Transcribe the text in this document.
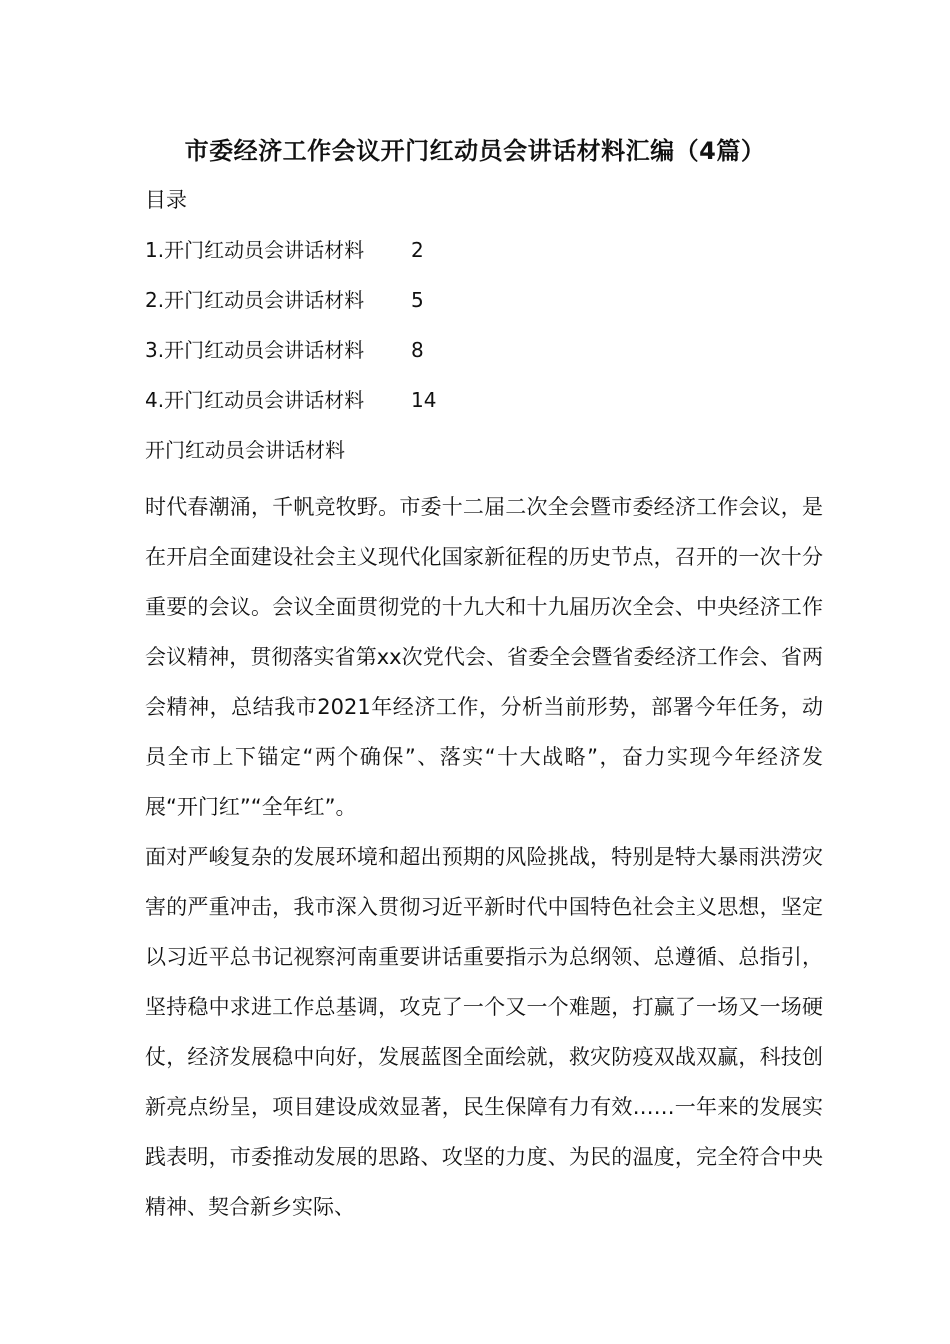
市委经济工作会议开门红动员会讲话材料汇编（4篇）
目录
1.开门红动员会讲话材料 2
2.开门红动员会讲话材料 5
3.开门红动员会讲话材料 8
4.开门红动员会讲话材料 14
开门红动员会讲话材料

时代春潮涌，千帆竞牧野。市委十二届二次全会暨市委经济工作会议，是在开启全面建设社会主义现代化国家新征程的历史节点，召开的一次十分重要的会议。会议全面贯彻党的十九大和十九届历次全会、中央经济工作会议精神，贯彻落实省第xx次党代会、省委全会暨省委经济工作会、省两会精神，总结我市2021年经济工作，分析当前形势，部署今年任务，动员全市上下锚定“两个确保”、落实“十大战略”，奋力实现今年经济发展“开门红”“全年红”。

面对严峻复杂的发展环境和超出预期的风险挑战，特别是特大暴雨洪涝灾害的严重冲击，我市深入贯彻习近平新时代中国特色社会主义思想，坚定以习近平总书记视察河南重要讲话重要指示为总纲领、总遵循、总指引，坚持稳中求进工作总基调，攻克了一个又一个难题，打赢了一场又一场硬仗，经济发展稳中向好，发展蓝图全面绘就，救灾防疫双战双赢，科技创新亮点纷呈，项目建设成效显著，民生保障有力有效……一年来的发展实践表明，市委推动发展的思路、攻坚的力度、为民的温度，完全符合中央精神、契合新乡实际、
